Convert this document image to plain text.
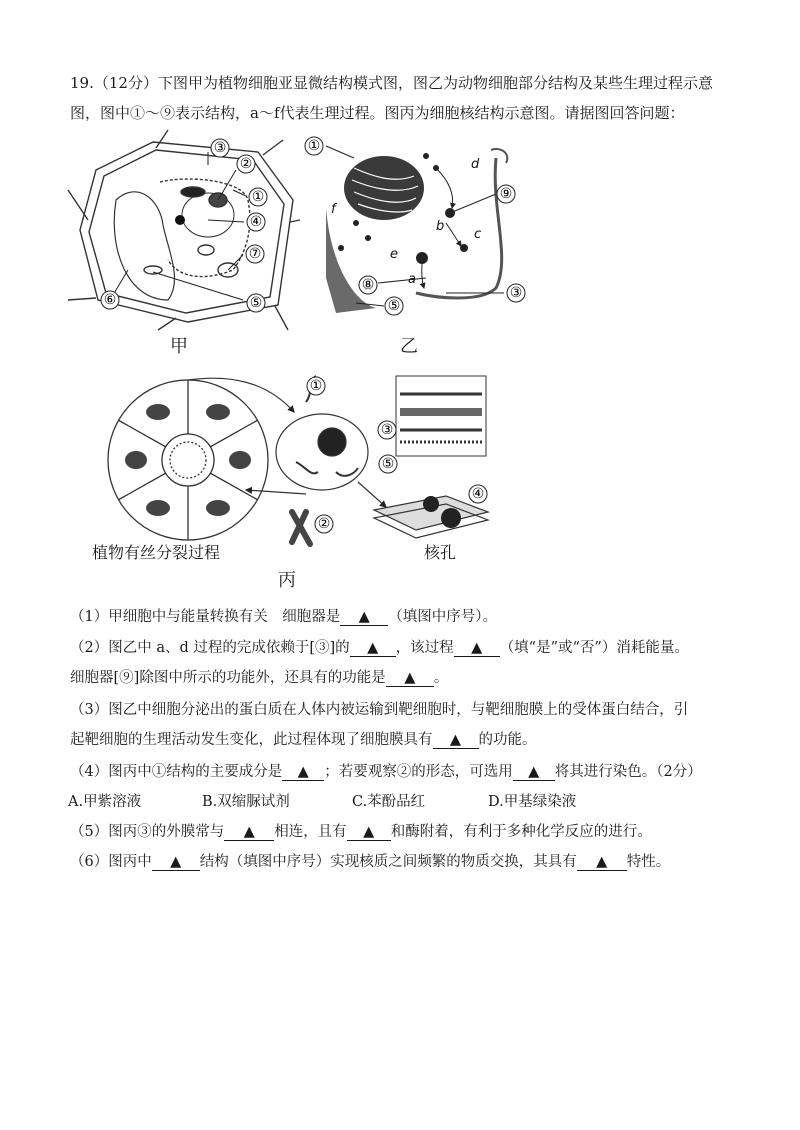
19.（12分）下图甲为植物细胞亚显微结构模式图，图乙为动物细胞部分结构及某些生理过程示意图，图中①～⑨表示结构，a～f代表生理过程。图丙为细胞核结构示意图。请据图回答问题：

③
②
①
④
⑦
⑤
⑥
甲
d
f
b
c
e
a
①
⑨
⑧
⑤
③
乙
①
②
③
④
⑤
植物有丝分裂过程	核孔
丙

（1）甲细胞中与能量转换有关　细胞器是 ▲ （填图中序号）。

（2）图乙中 a、d 过程的完成依赖于[③]的 ▲ ，该过程 ▲ （填“是”或“否”）消耗能量。

细胞器[⑨]除图中所示的功能外，还具有的功能是 ▲ 。

（3）图乙中细胞分泌出的蛋白质在人体内被运输到靶细胞时，与靶细胞膜上的受体蛋白结合，引

起靶细胞的生理活动发生变化，此过程体现了细胞膜具有 ▲ 的功能。

（4）图丙中①结构的主要成分是 ▲ ；若要观察②的形态，可选用 ▲ 将其进行染色。（2分）

A.甲紫溶液	B.双缩脲试剂	C.苯酚品红	D.甲基绿染液

（5）图丙③的外膜常与 ▲ 相连，且有 ▲ 和酶附着，有利于多种化学反应的进行。

（6）图丙中 ▲ 结构（填图中序号）实现核质之间频繁的物质交换，其具有 ▲ 特性。
